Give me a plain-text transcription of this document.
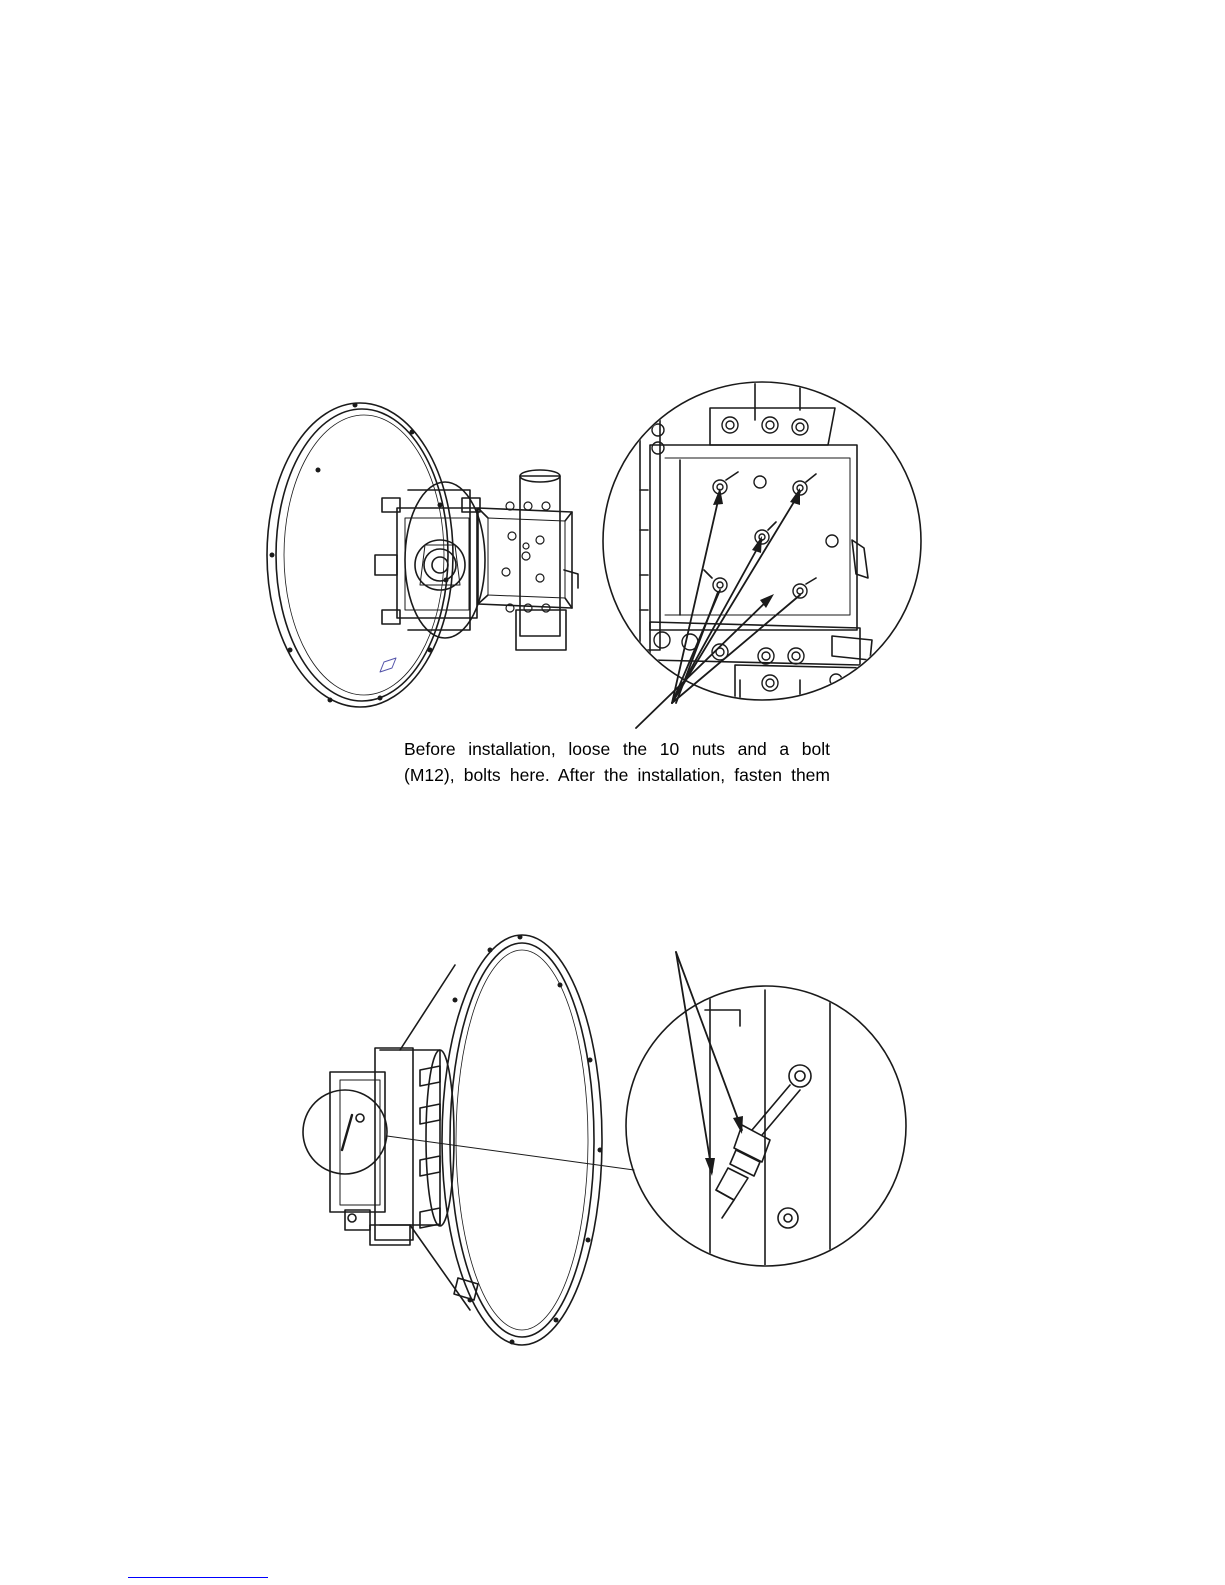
Before installation, loose the 10 nuts and a bolt
(M12), bolts here. After the installation, fasten them
